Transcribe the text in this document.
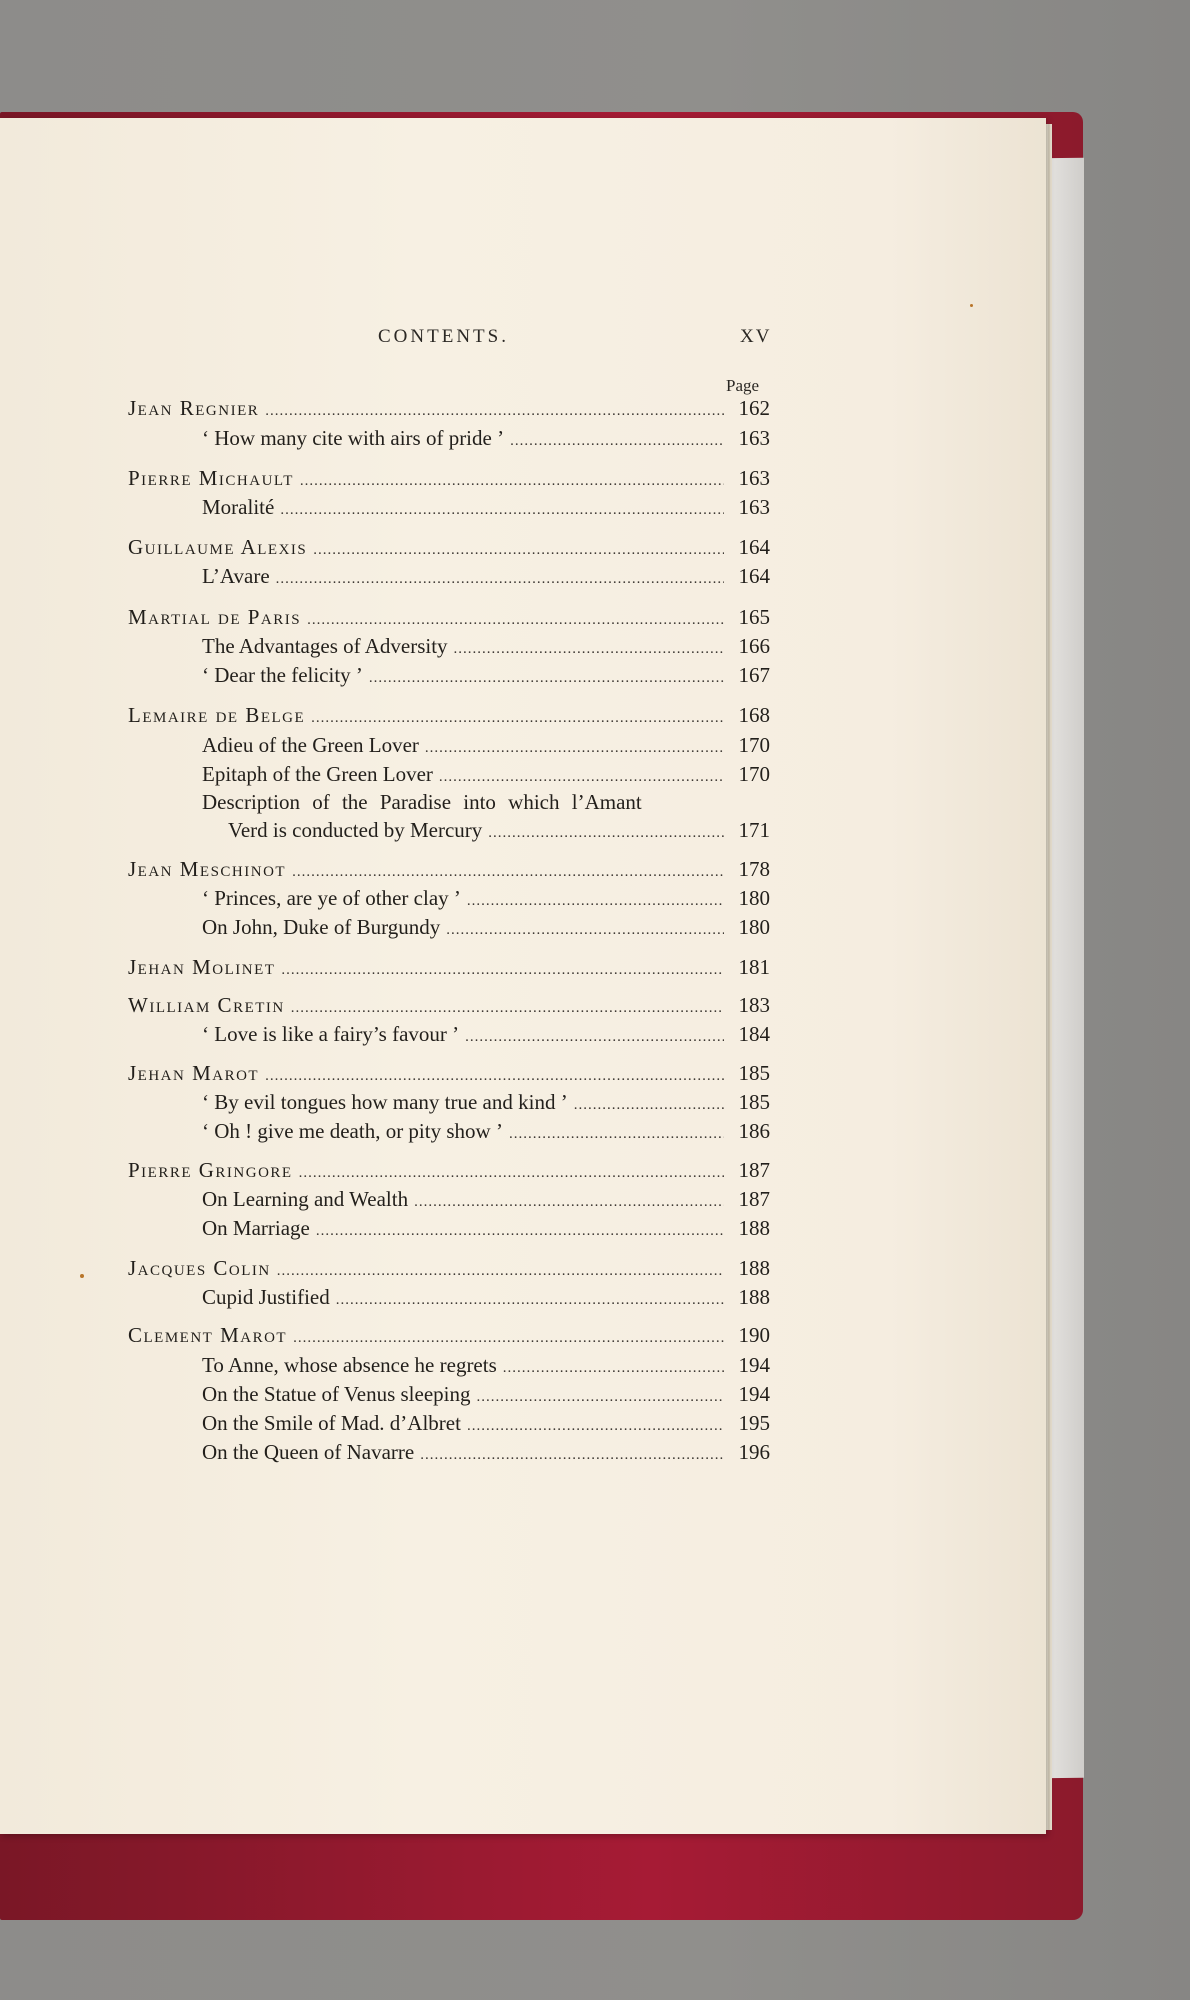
CONTENTS.	XV
Page
Jean Regnier .....	162
‘ How many cite with airs of pride ’ .....	163
Pierre Michault .....	163
Moralité .....	163
Guillaume Alexis .....	164
L’Avare .....	164
Martial de Paris .....	165
The Advantages of Adversity .....	166
‘ Dear the felicity ’ .....	167
Lemaire de Belge .....	168
Adieu of the Green Lover .....	170
Epitaph of the Green Lover .....	170
Description of the Paradise into which l’Amant
Verd is conducted by Mercury .....	171
Jean Meschinot .....	178
‘ Princes, are ye of other clay ’ .....	180
On John, Duke of Burgundy .....	180
Jehan Molinet .....	181
William Cretin .....	183
‘ Love is like a fairy’s favour ’ .....	184
Jehan Marot .....	185
‘ By evil tongues how many true and kind ’ .....	185
‘ Oh ! give me death, or pity show ’ .....	186
Pierre Gringore .....	187
On Learning and Wealth .....	187
On Marriage .....	188
Jacques Colin .....	188
Cupid Justified .....	188
Clement Marot .....	190
To Anne, whose absence he regrets .....	194
On the Statue of Venus sleeping .....	194
On the Smile of Mad. d’Albret .....	195
On the Queen of Navarre .....	196
